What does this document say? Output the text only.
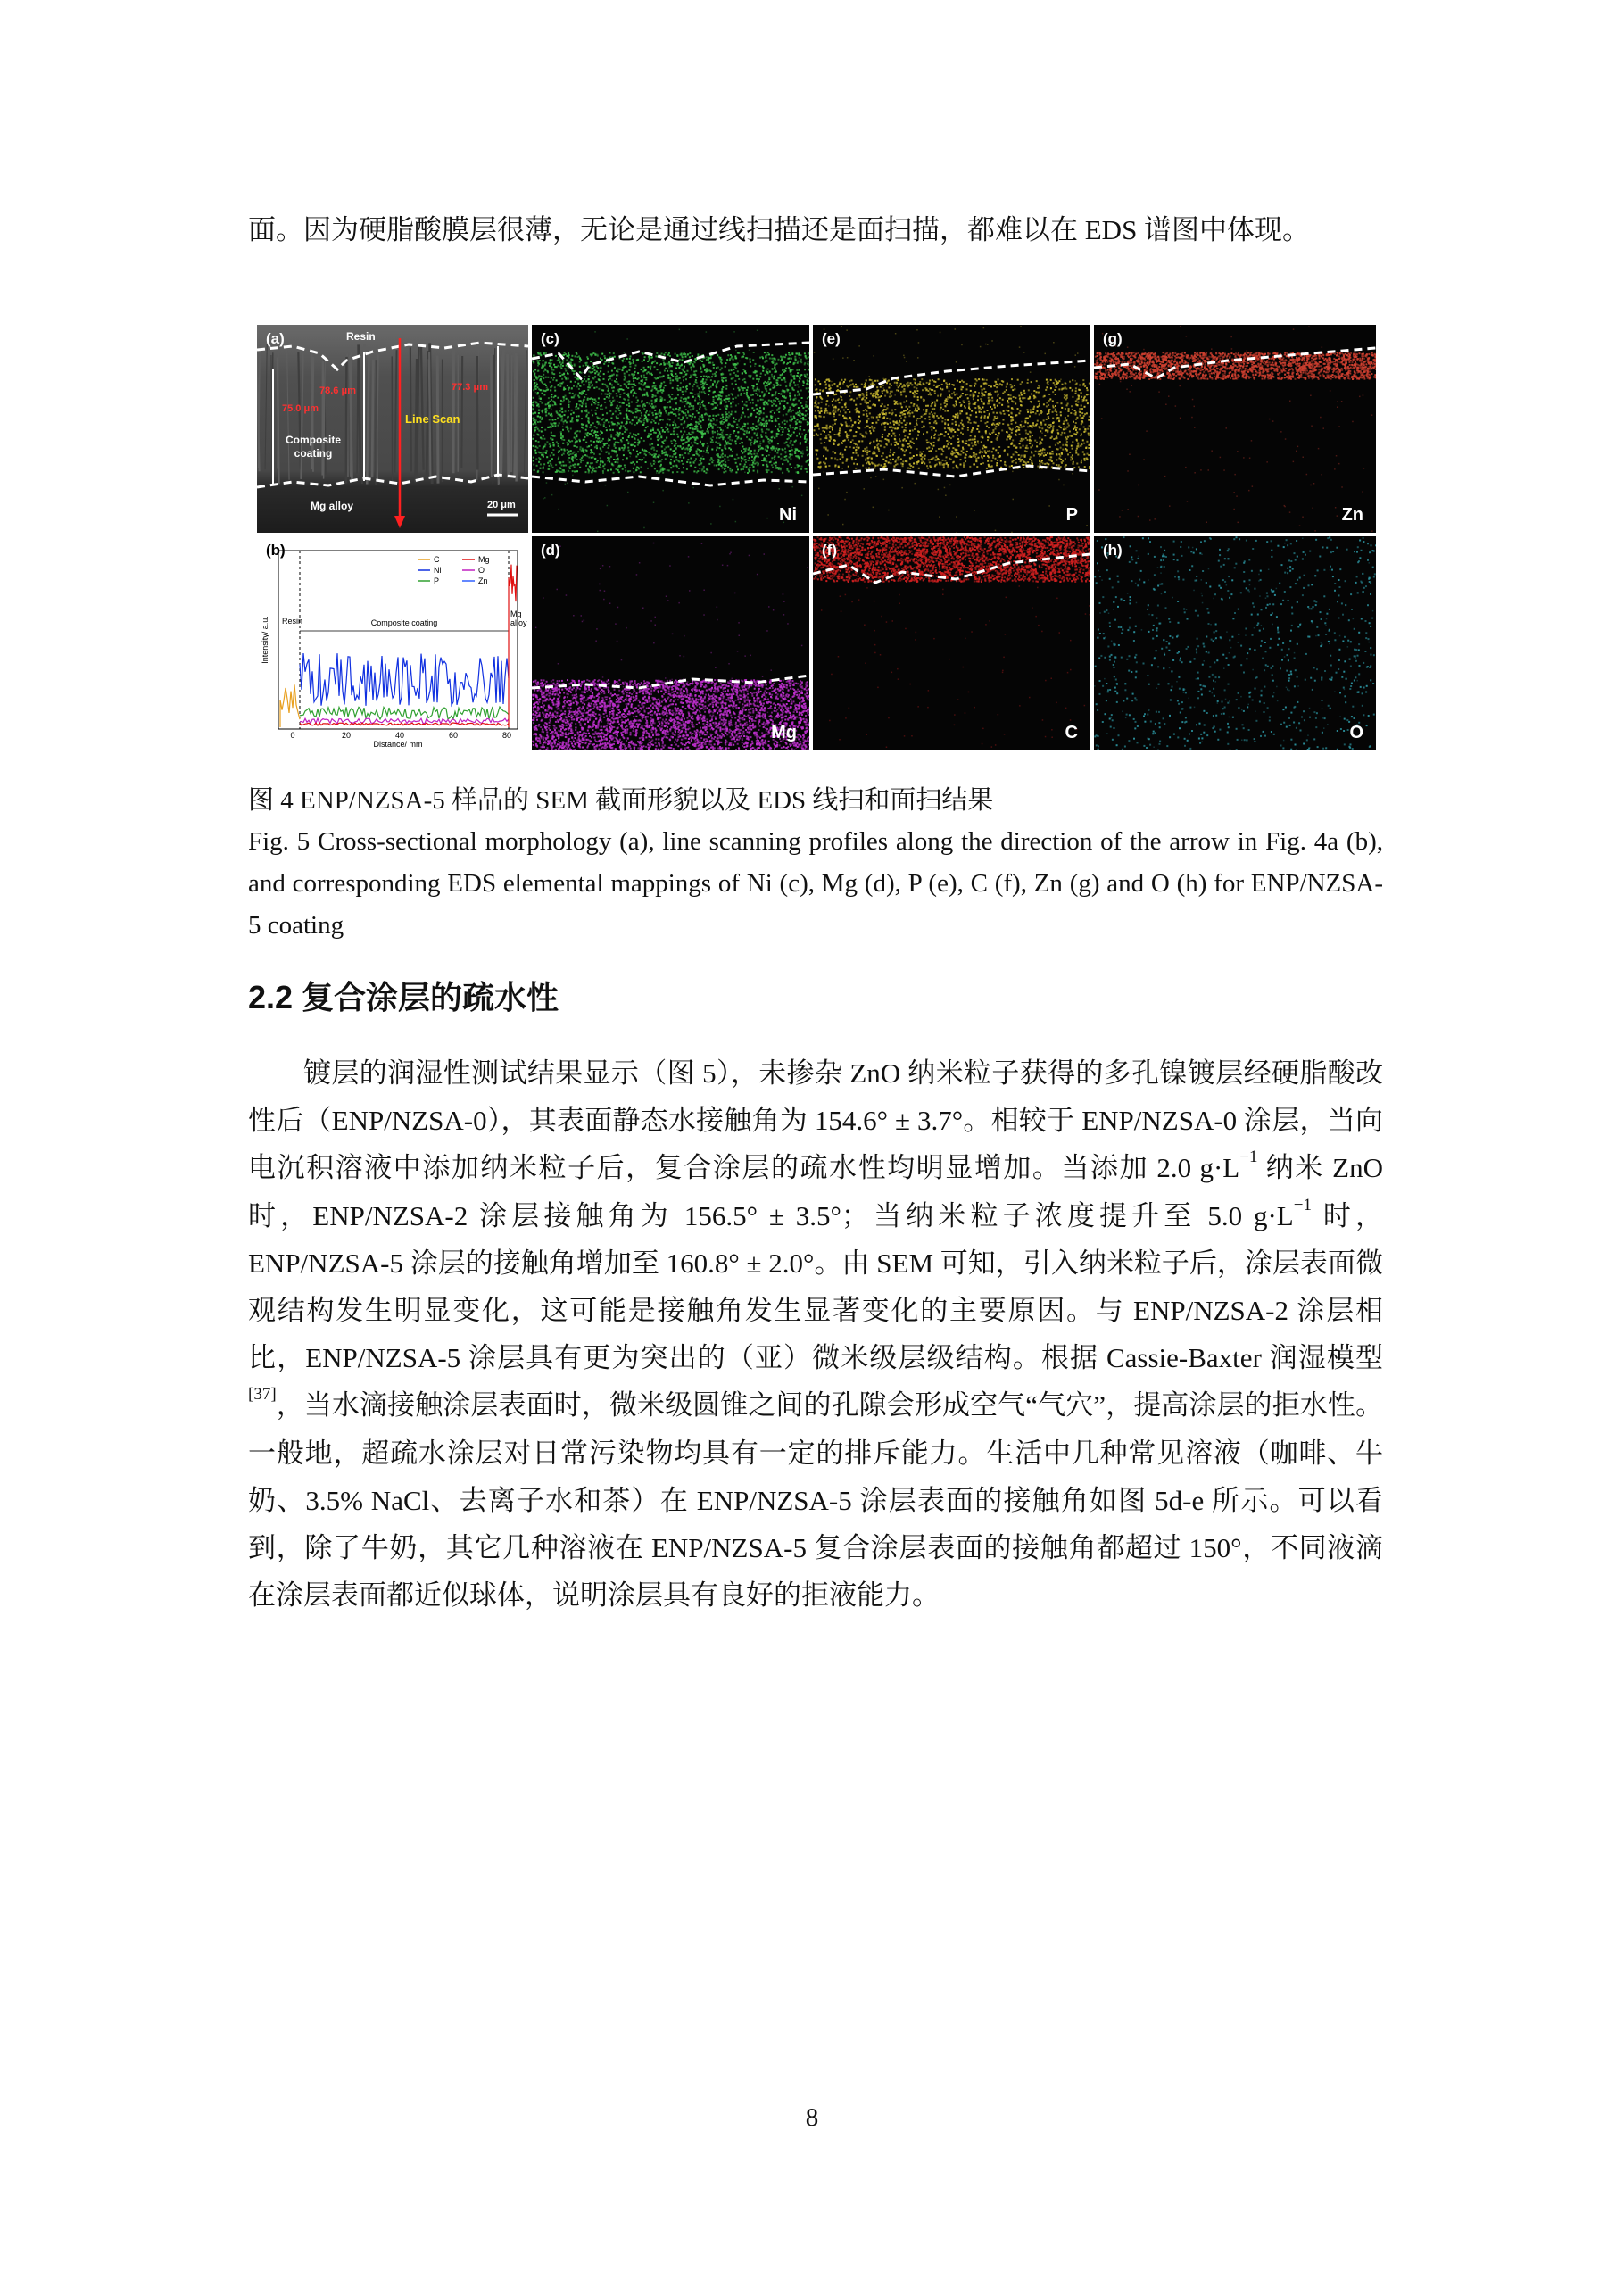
面。因为硬脂酸膜层很薄，无论是通过线扫描还是面扫描，都难以在 EDS 谱图中体现。
(a)	Resin
75.0 μm
78.6 μm	77.3 μm
Line Scan
Composite
coating
Mg alloy	20 μm
C
Ni
P
Mg
O
Zn
Resin	Composite coating
Mg
alloy
0	20	40	60	80
Distance/ mm
Intensity/ a.u.
(b)
(c)
Ni
(e)
P
(g)
Zn
(d)
Mg
(f)
C
(h)
O
图 4 ENP/NZSA-5 样品的 SEM 截面形貌以及 EDS 线扫和面扫结果
Fig. 5 Cross-sectional morphology (a), line scanning profiles along the direction of the arrow in Fig. 4a (b), and corresponding EDS elemental mappings of Ni (c), Mg (d), P (e), C (f), Zn (g) and O (h) for ENP/NZSA-5 coating
2.2 复合涂层的疏水性
镀层的润湿性测试结果显示（图 5），未掺杂 ZnO 纳米粒子获得的多孔镍镀层经硬脂酸改性后（ENP/NZSA-0），其表面静态水接触角为 154.6° ± 3.7°。相较于 ENP/NZSA-0 涂层，当向电沉积溶液中添加纳米粒子后，复合涂层的疏水性均明显增加。当添加 2.0 $g\cdot L^{-1}$ 纳米 ZnO 时，ENP/NZSA-2 涂层接触角为 156.5° ± 3.5°；当纳米粒子浓度提升至 5.0 $g\cdot L^{-1}$ 时，ENP/NZSA-5 涂层的接触角增加至 160.8° ± 2.0°。由 SEM 可知，引入纳米粒子后，涂层表面微观结构发生明显变化，这可能是接触角发生显著变化的主要原因。与 ENP/NZSA-2 涂层相比，ENP/NZSA-5 涂层具有更为突出的（亚）微米级层级结构。根据 Cassie-Baxter 润湿模型 [37]，当水滴接触涂层表面时，微米级圆锥之间的孔隙会形成空气“气穴”，提高涂层的拒水性。一般地，超疏水涂层对日常污染物均具有一定的排斥能力。生活中几种常见溶液（咖啡、牛奶、3.5% NaCl、去离子水和茶）在 ENP/NZSA-5 涂层表面的接触角如图 5d-e 所示。可以看到，除了牛奶，其它几种溶液在 ENP/NZSA-5 复合涂层表面的接触角都超过 150°，不同液滴在涂层表面都近似球体，说明涂层具有良好的拒液能力。
8
